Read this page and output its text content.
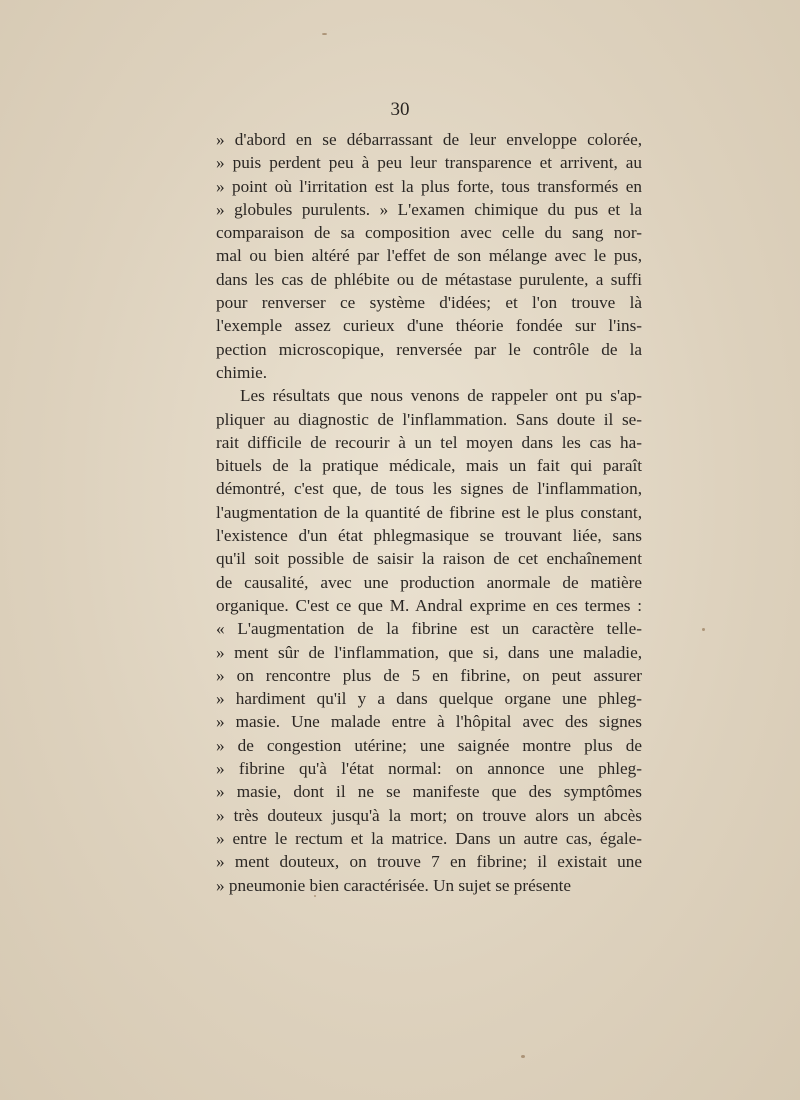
30
» d'abord en se débarrassant de leur enveloppe colorée,
» puis perdent peu à peu leur transparence et arrivent, au
» point où l'irritation est la plus forte, tous transformés en
» globules purulents. » L'examen chimique du pus et la
comparaison de sa composition avec celle du sang nor-
mal ou bien altéré par l'effet de son mélange avec le pus,
dans les cas de phlébite ou de métastase purulente, a suffi
pour renverser ce système d'idées; et l'on trouve là
l'exemple assez curieux d'une théorie fondée sur l'ins-
pection microscopique, renversée par le contrôle de la
chimie.
Les résultats que nous venons de rappeler ont pu s'ap-
pliquer au diagnostic de l'inflammation. Sans doute il se-
rait difficile de recourir à un tel moyen dans les cas ha-
bituels de la pratique médicale, mais un fait qui paraît
démontré, c'est que, de tous les signes de l'inflammation,
l'augmentation de la quantité de fibrine est le plus constant,
l'existence d'un état phlegmasique se trouvant liée, sans
qu'il soit possible de saisir la raison de cet enchaînement
de causalité, avec une production anormale de matière
organique. C'est ce que M. Andral exprime en ces termes :
« L'augmentation de la fibrine est un caractère telle-
» ment sûr de l'inflammation, que si, dans une maladie,
» on rencontre plus de 5 en fibrine, on peut assurer
» hardiment qu'il y a dans quelque organe une phleg-
» masie. Une malade entre à l'hôpital avec des signes
» de congestion utérine; une saignée montre plus de
» fibrine qu'à l'état normal: on annonce une phleg-
» masie, dont il ne se manifeste que des symptômes
» très douteux jusqu'à la mort; on trouve alors un abcès
» entre le rectum et la matrice. Dans un autre cas, égale-
» ment douteux, on trouve 7 en fibrine; il existait une
» pneumonie bien caractérisée. Un sujet se présente
